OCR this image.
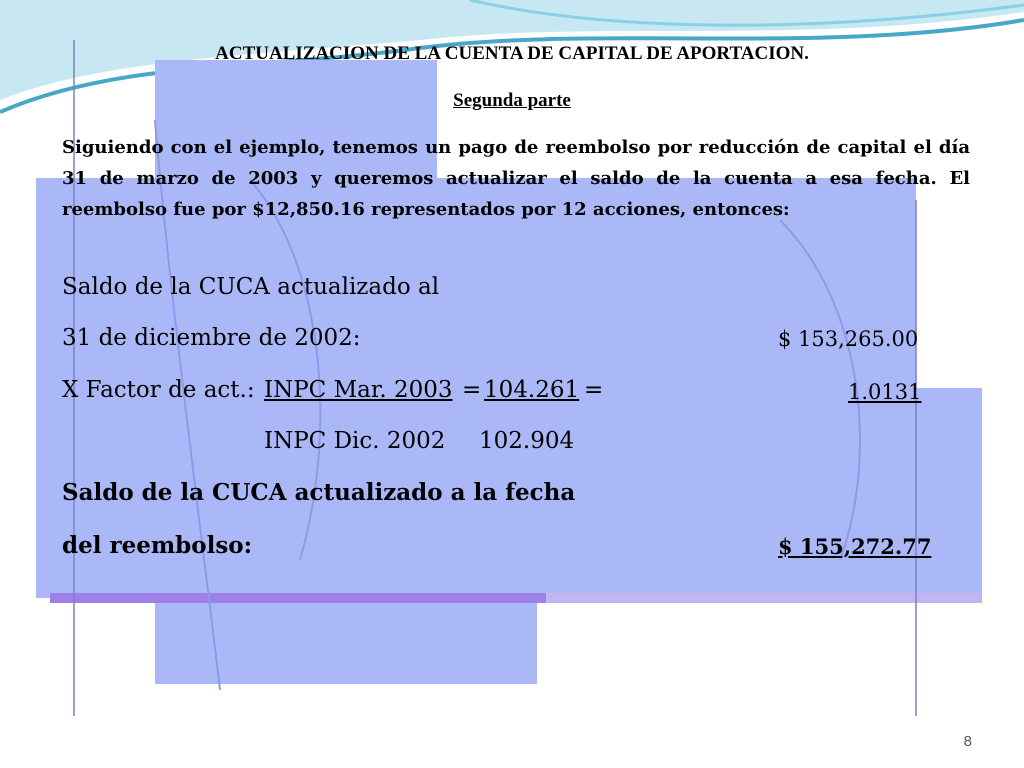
ACTUALIZACION DE LA CUENTA DE CAPITAL DE APORTACION.
Segunda parte
Siguiendo con el ejemplo, tenemos un pago de reembolso por reducción de capital el día 31 de marzo de 2003 y queremos actualizar el saldo de la cuenta a esa fecha. El reembolso fue por $12,850.16 representados por 12 acciones, entonces:
Saldo de la CUCA actualizado al
31 de diciembre de 2002:	$ 153,265.00
X Factor de act.: INPC Mar. 2003 = 104.261 =	1.0131
INPC Dic. 2002 102.904
Saldo de la CUCA actualizado a la fecha
del reembolso:	$ 155,272.77
8
